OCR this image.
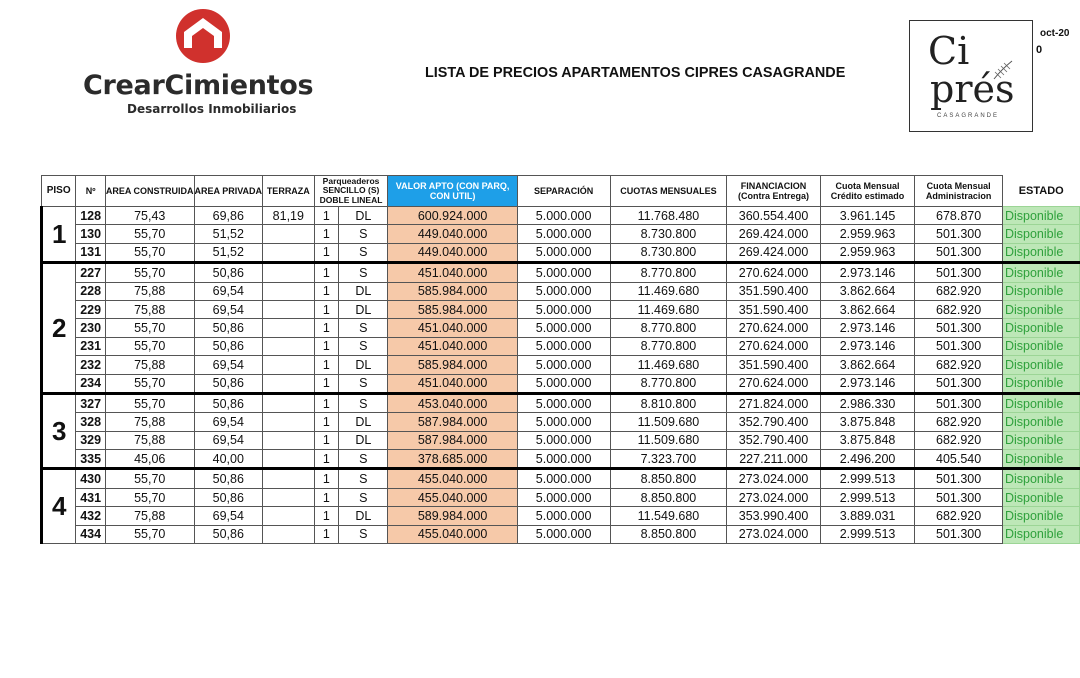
CrearCimientos
Desarrollos Inmobiliarios
LISTA DE PRECIOS APARTAMENTOS CIPRES CASAGRANDE
oct-20
0
Ci
prés
CASAGRANDE
PISO	Nº	AREA CONSTRUIDA	AREA PRIVADA	TERRAZA	Parqueaderos SENCILLO (S) DOBLE LINEAL		VALOR APTO (CON PARQ, CON UTIL)	SEPARACIÓN	CUOTAS MENSUALES	FINANCIACION (Contra Entrega)	Cuota Mensual Crédito estimado	Cuota Mensual Administracion	ESTADO
1	128	75,43	69,86	81,19	1	DL	600.924.000	5.000.000	11.768.480	360.554.400	3.961.145	678.870	Disponible
	130	55,70	51,52		1	S	449.040.000	5.000.000	8.730.800	269.424.000	2.959.963	501.300	Disponible
	131	55,70	51,52		1	S	449.040.000	5.000.000	8.730.800	269.424.000	2.959.963	501.300	Disponible
2	227	55,70	50,86		1	S	451.040.000	5.000.000	8.770.800	270.624.000	2.973.146	501.300	Disponible
	228	75,88	69,54		1	DL	585.984.000	5.000.000	11.469.680	351.590.400	3.862.664	682.920	Disponible
	229	75,88	69,54		1	DL	585.984.000	5.000.000	11.469.680	351.590.400	3.862.664	682.920	Disponible
	230	55,70	50,86		1	S	451.040.000	5.000.000	8.770.800	270.624.000	2.973.146	501.300	Disponible
	231	55,70	50,86		1	S	451.040.000	5.000.000	8.770.800	270.624.000	2.973.146	501.300	Disponible
	232	75,88	69,54		1	DL	585.984.000	5.000.000	11.469.680	351.590.400	3.862.664	682.920	Disponible
	234	55,70	50,86		1	S	451.040.000	5.000.000	8.770.800	270.624.000	2.973.146	501.300	Disponible
3	327	55,70	50,86		1	S	453.040.000	5.000.000	8.810.800	271.824.000	2.986.330	501.300	Disponible
	328	75,88	69,54		1	DL	587.984.000	5.000.000	11.509.680	352.790.400	3.875.848	682.920	Disponible
	329	75,88	69,54		1	DL	587.984.000	5.000.000	11.509.680	352.790.400	3.875.848	682.920	Disponible
	335	45,06	40,00		1	S	378.685.000	5.000.000	7.323.700	227.211.000	2.496.200	405.540	Disponible
4	430	55,70	50,86		1	S	455.040.000	5.000.000	8.850.800	273.024.000	2.999.513	501.300	Disponible
	431	55,70	50,86		1	S	455.040.000	5.000.000	8.850.800	273.024.000	2.999.513	501.300	Disponible
	432	75,88	69,54		1	DL	589.984.000	5.000.000	11.549.680	353.990.400	3.889.031	682.920	Disponible
	434	55,70	50,86		1	S	455.040.000	5.000.000	8.850.800	273.024.000	2.999.513	501.300	Disponible
